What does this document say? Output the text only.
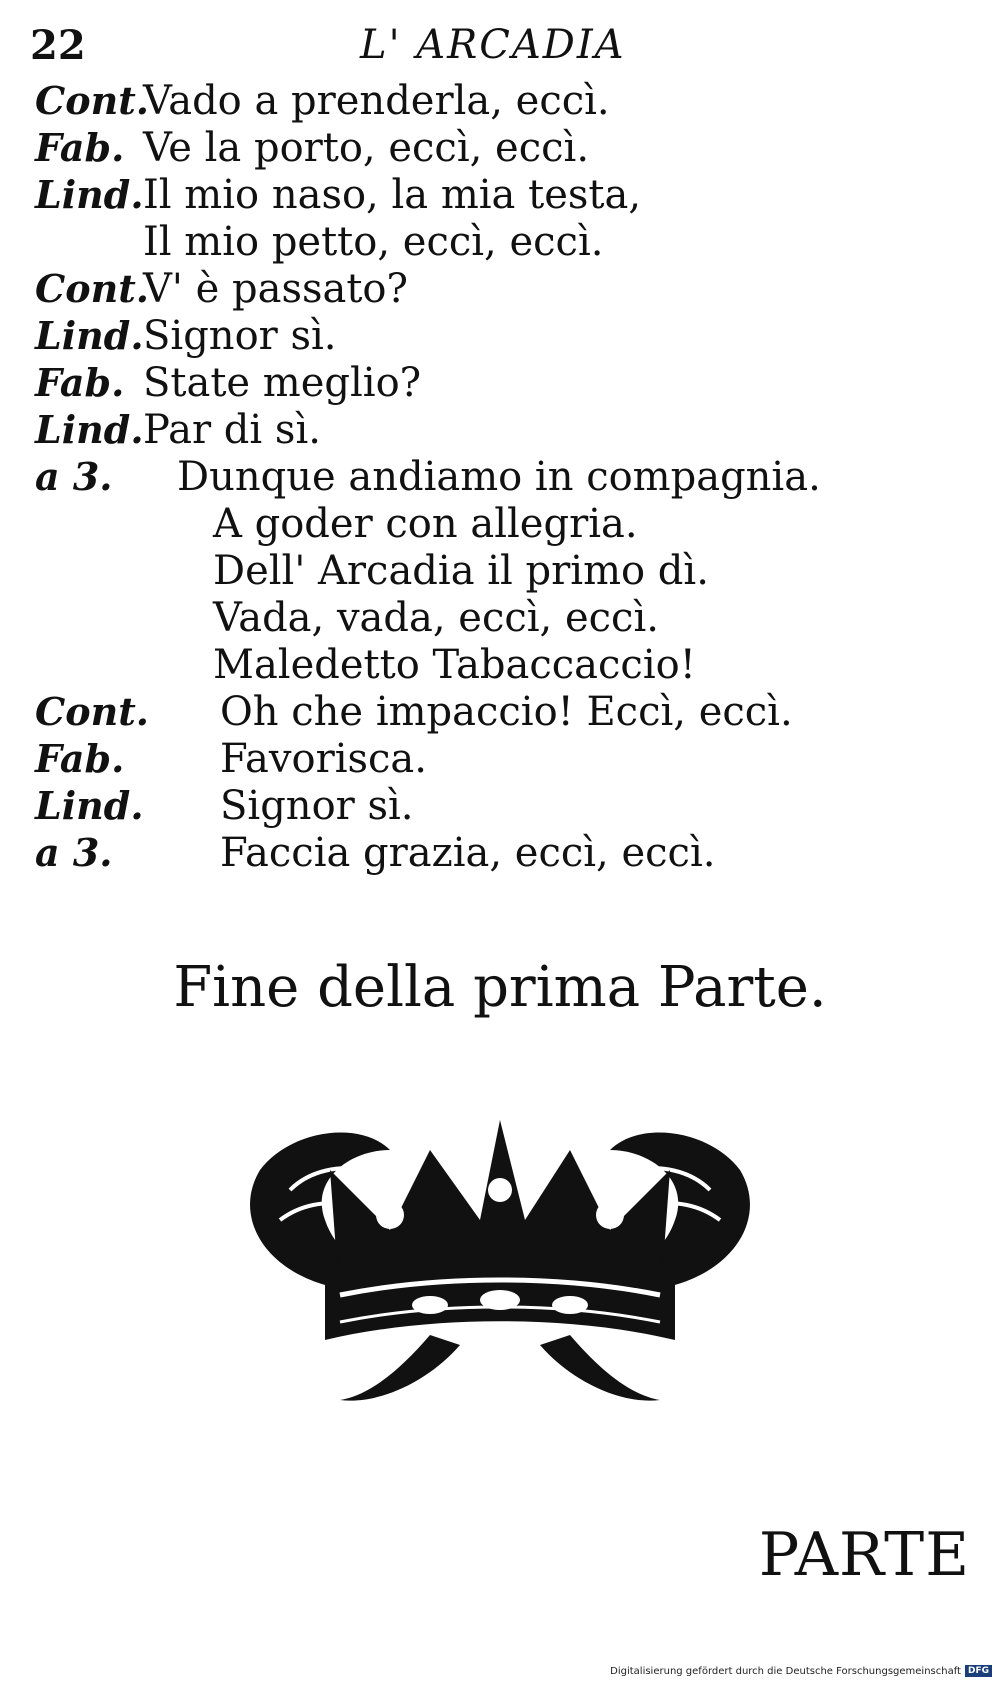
22	L' ARCADIA
Cont.
Vado a prenderla, eccì.
Fab. Ve la porto, eccì, eccì.
Lind. Il mio naso, la mia testa,
Il mio petto, eccì, eccì.
Cont.
V' è passato?
Lind. Signor sì.
Fab. State meglio?
Lind. Par di sì.
a 3. Dunque andiamo in compagnia.
A goder con allegria.
Dell' Arcadia il primo dì.
Vada, vada, eccì, eccì.
Maledetto Tabaccaccio!
Cont. Oh che impaccio! Eccì, eccì.
Fab. Favorisca.
Lind. Signor sì.
a 3.	Faccia grazia, eccì, eccì.
Fine della prima Parte.
PARTE
Digitalisierung gefördert durch die Deutsche Forschungsgemeinschaft DFG
